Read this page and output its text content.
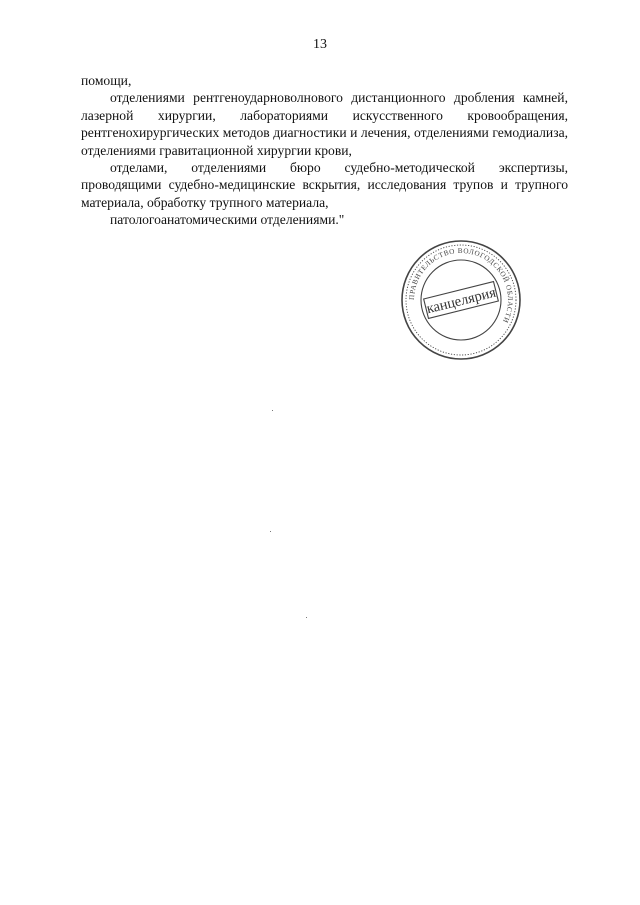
13

помощи,

отделениями рентгеноударноволнового дистанционного дробления камней, лазерной хирургии, лабораториями искусственного кровообращения, рентгенохирургических методов диагностики и лечения, отделениями гемодиализа, отделениями гравитационной хирургии крови,

отделами, отделениями бюро судебно-методической экспертизы, проводящими судебно-медицинские вскрытия, исследования трупов и трупного материала, обработку трупного материала,

патологоанатомическими отделениями."

ПРАВИТЕЛЬСТВО ВОЛОГОДСКОЙ ОБЛАСТИ
канцелярия
